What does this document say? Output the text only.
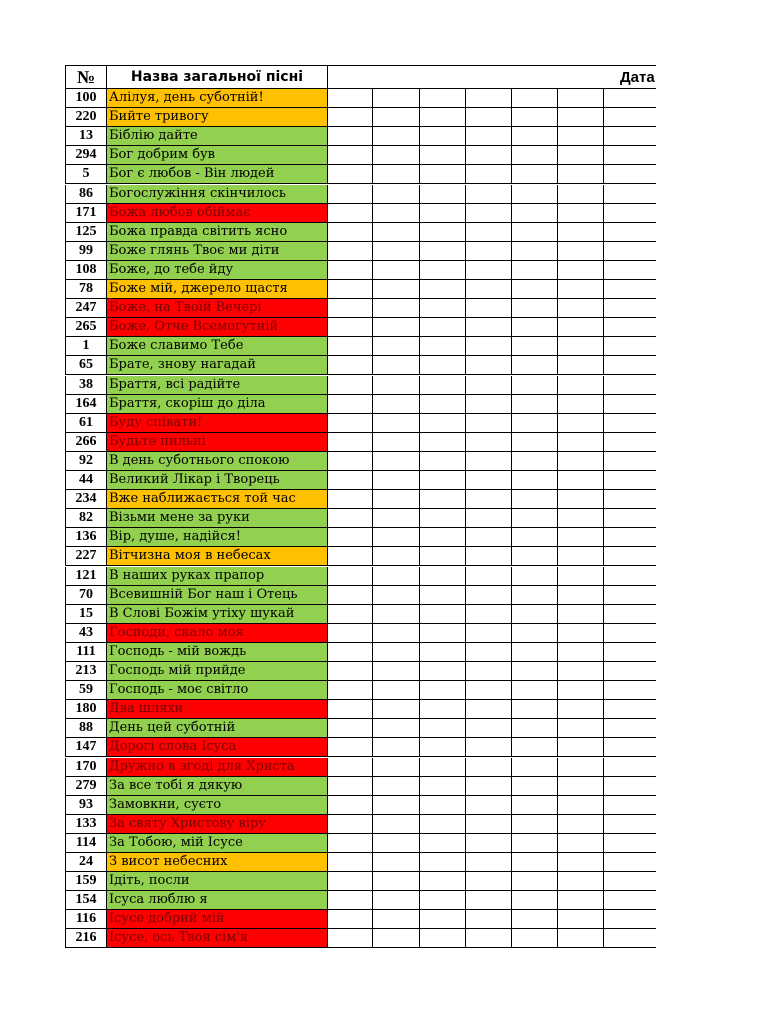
№	Назва загальної пісні	Дата
100 Алілуя, день суботній!
220 Бийте тривогу
13	Біблію дайте
294 Бог добрим був
5	Бог є любов - Він людей
86	Богослужіння скінчилось
171 Божа любов обіймає
125 Божа правда світить ясно
99	Боже глянь Твоє ми діти
108 Боже, до тебе йду
78	Боже мій, джерело щастя
247 Боже, на Твоїй Вечері
265 Боже, Отче Всемогутній
1	Боже славимо Тебе
65	Брате, знову нагадай
38	Браття, всі радійте
164 Браття, скоріш до діла
61	Буду співати!
266 Будьте пильні
92	В день суботнього спокою
44	Великий Лікар і Творець
234 Вже наближається той час
82	Візьми мене за руки
136 Вір, душе, надійся!
227 Вітчизна моя в небесах
121 В наших руках прапор
70	Всевишній Бог наш і Отець
15	В Слові Божім утіху шукай
43	Господи, скало моя
111	Господь - мій вождь
213 Господь мій прийде
59	Господь - моє світло
180 Два шляхи
88	День цей суботній
147 Дорогі слова Ісуса
170 Дружно в згоді для Христа
279 За все тобі я дякую
93	Замовкни, суєто
133 За святу Христову віру
114 За Тобою, мій Ісусе
24	З висот небесних
159 Ідіть, посли
154 Ісуса люблю я
116 Ісусе добрий мій
216 Ісусе, ось Твоя сім'я
